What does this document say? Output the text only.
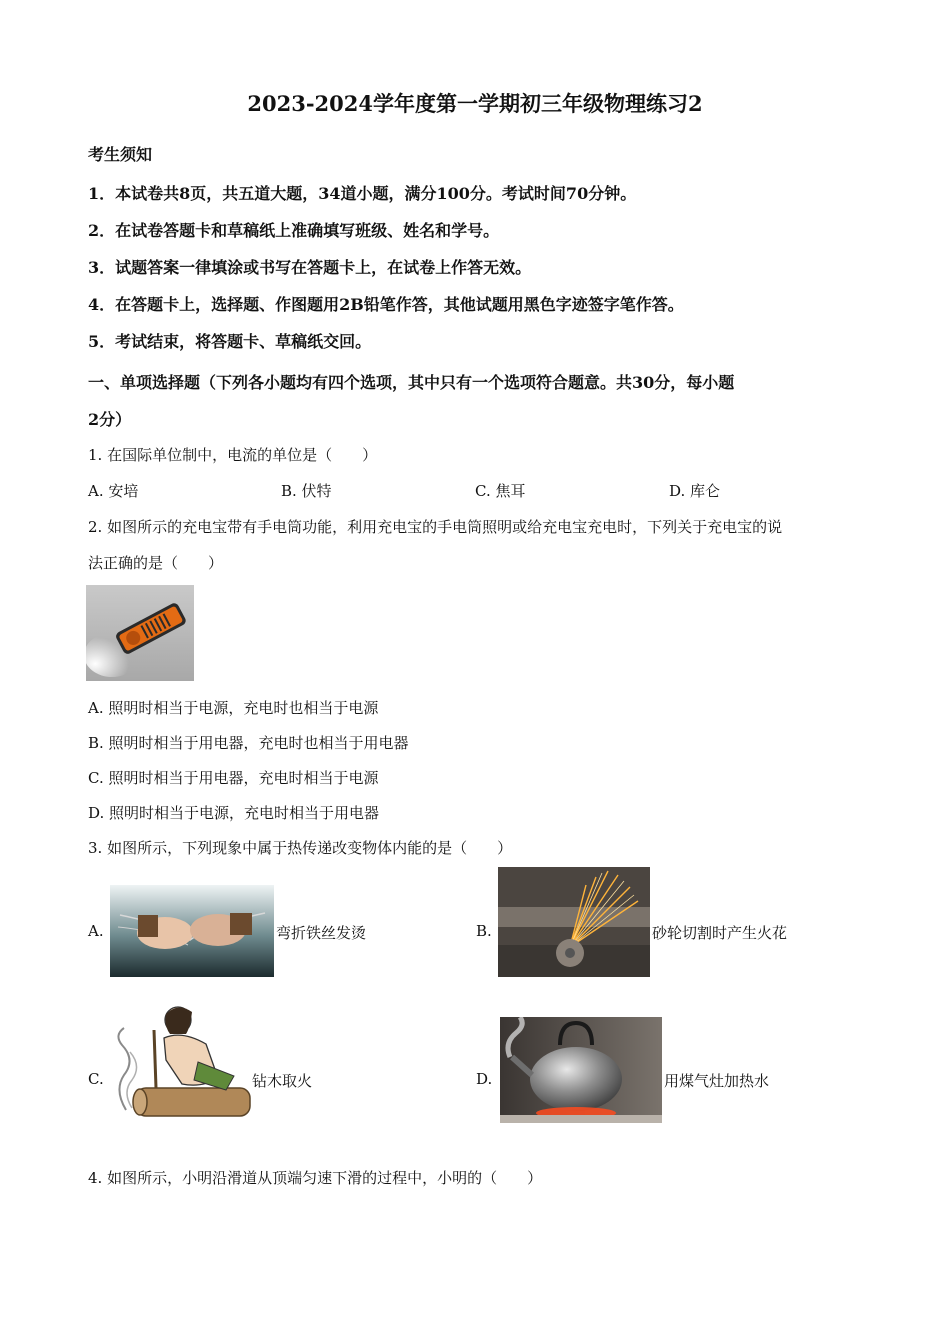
2023-2024学年度第一学期初三年级物理练习2
考生须知
1．本试卷共8页，共五道大题，34道小题，满分100分。考试时间70分钟。
2．在试卷答题卡和草稿纸上准确填写班级、姓名和学号。
3．试题答案一律填涂或书写在答题卡上，在试卷上作答无效。
4．在答题卡上，选择题、作图题用2B铅笔作答，其他试题用黑色字迹签字笔作答。
5．考试结束，将答题卡、草稿纸交回。
一、单项选择题（下列各小题均有四个选项，其中只有一个选项符合题意。共30分，每小题
2分）
1. 在国际单位制中，电流的单位是（　　）
A. 安培	B. 伏特	C. 焦耳	D. 库仑
2. 如图所示的充电宝带有手电筒功能，利用充电宝的手电筒照明或给充电宝充电时，下列关于充电宝的说
法正确的是（　　）
A. 照明时相当于电源，充电时也相当于电源
B. 照明时相当于用电器，充电时也相当于用电器
C. 照明时相当于用电器，充电时相当于电源
D. 照明时相当于电源，充电时相当于用电器
3. 如图所示，下列现象中属于热传递改变物体内能的是（　　）
A.	弯折铁丝发烫	B.	砂轮切割时产生火花
C.	钻木取火	D.	用煤气灶加热水
4. 如图所示，小明沿滑道从顶端匀速下滑的过程中，小明的（　　）
